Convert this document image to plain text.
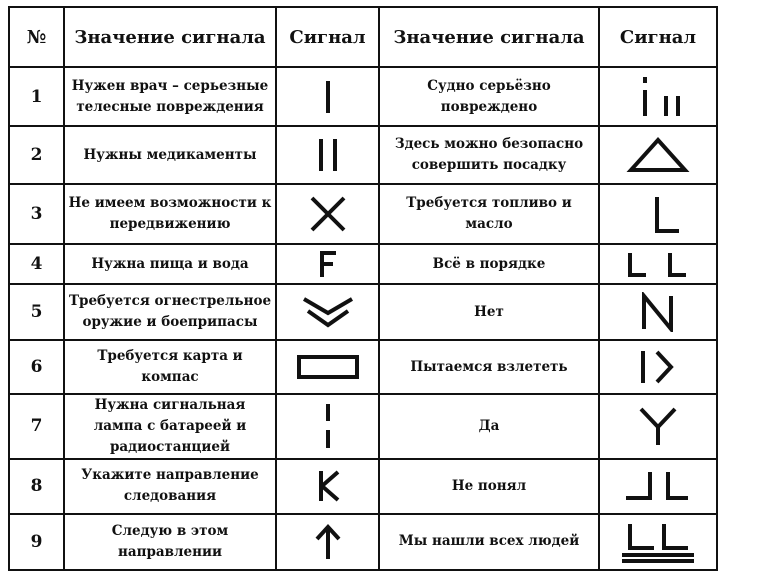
№	Значение сигнала	Сигнал	Значение сигнала	Сигнал
1	Нужен врач – серьезные телесные повреждения		Судно серьёзно повреждено	

2	Нужны медикаменты		Здесь можно безопасно совершить посадку	

3	Не имеем возможности к передвижению		Требуется топливо и масло	

4	Нужна пища и вода		Всё в порядке	

5	Требуется огнестрельное оружие и боеприпасы		Нет	

6	Требуется карта и компас		Пытаемся взлететь	

7	Нужна сигнальная лампа с батареей и радиостанцией		Да	

8	Укажите направление следования		Не понял	

9	Следую в этом направлении		Мы нашли всех людей	
